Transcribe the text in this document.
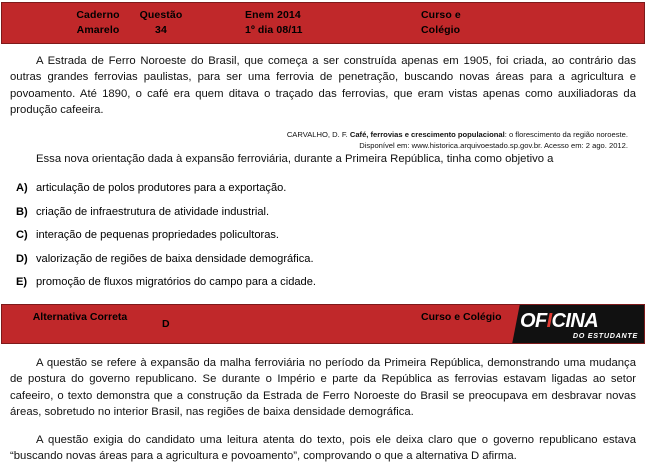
Caderno
Amarelo
Questão
34
Enem 2014
1º dia 08/11
Curso e
Colégio

A Estrada de Ferro Noroeste do Brasil, que começa a ser construída apenas em 1905, foi criada, ao contrário das outras grandes ferrovias paulistas, para ser uma ferrovia de penetração, buscando novas áreas para a agricultura e povoamento. Até 1890, o café era quem ditava o traçado das ferrovias, que eram vistas apenas como auxiliadoras da produção cafeeira.

CARVALHO, D. F. Café, ferrovias e crescimento populacional: o florescimento da região noroeste.
Disponível em: www.historica.arquivoestado.sp.gov.br. Acesso em: 2 ago. 2012.

Essa nova orientação dada à expansão ferroviária, durante a Primeira República, tinha como objetivo a

A) articulação de polos produtores para a exportação.
B) criação de infraestrutura de atividade industrial.
C) interação de pequenas propriedades policultoras.
D) valorização de regiões de baixa densidade demográfica.
E) promoção de fluxos migratórios do campo para a cidade.
Alternativa Correta
D
Curso e Colégio OFICINA
DO ESTUDANTE

A questão se refere à expansão da malha ferroviária no período da Primeira República, demonstrando uma mudança de postura do governo republicano. Se durante o Império e parte da República as ferrovias estavam ligadas ao setor cafeeiro, o texto demonstra que a construção da Estrada de Ferro Noroeste do Brasil se preocupava em desbravar novas áreas, sobretudo no interior Brasil, nas regiões de baixa densidade demográfica.

A questão exigia do candidato uma leitura atenta do texto, pois ele deixa claro que o governo republicano estava “buscando novas áreas para a agricultura e povoamento”, comprovando o que a alternativa D afirma.
